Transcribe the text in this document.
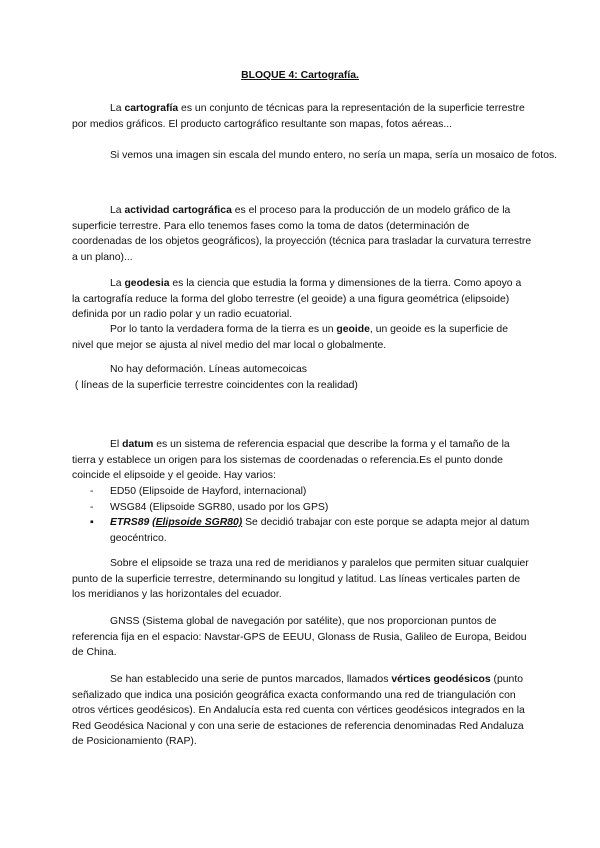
BLOQUE 4: Cartografía.

La cartografía es un conjunto de técnicas para la representación de la superficie terrestre por medios gráficos. El producto cartográfico resultante son mapas, fotos aéreas...

Si vemos una imagen sin escala del mundo entero, no sería un mapa, sería un mosaico de fotos.

La actividad cartográfica es el proceso para la producción de un modelo gráfico de la superficie terrestre. Para ello tenemos fases como la toma de datos (determinación de coordenadas de los objetos geográficos), la proyección (técnica para trasladar la curvatura terrestre a un plano)...

La geodesia es la ciencia que estudia la forma y dimensiones de la tierra. Como apoyo a la cartografía reduce la forma del globo terrestre (el geoide) a una figura geométrica (elipsoide) definida por un radio polar y un radio ecuatorial.

Por lo tanto la verdadera forma de la tierra es un geoide, un geoide es la superficie de nivel que mejor se ajusta al nivel medio del mar local o globalmente.

No hay deformación. Líneas automecoicas
( líneas de la superficie terrestre coincidentes con la realidad)

El datum es un sistema de referencia espacial que describe la forma y el tamaño de la tierra y establece un origen para los sistemas de coordenadas o referencia.Es el punto donde coincide el elipsoide y el geoide. Hay varios:

- ED50 (Elipsoide de Hayford, internacional)
- WSG84 (Elipsoide SGR80, usado por los GPS)
▪ ETRS89 (Elipsoide SGR80) Se decidió trabajar con este porque se adapta mejor al datum geocéntrico.

Sobre el elipsoide se traza una red de meridianos y paralelos que permiten situar cualquier punto de la superficie terrestre, determinando su longitud y latitud. Las líneas verticales parten de los meridianos y las horizontales del ecuador.

GNSS (Sistema global de navegación por satélite), que nos proporcionan puntos de referencia fija en el espacio: Navstar-GPS de EEUU, Glonass de Rusia, Galileo de Europa, Beidou de China.

Se han establecido una serie de puntos marcados, llamados vértices geodésicos (punto señalizado que indica una posición geográfica exacta conformando una red de triangulación con otros vértices geodésicos). En Andalucía esta red cuenta con vértices geodésicos integrados en la Red Geodésica Nacional y con una serie de estaciones de referencia denominadas Red Andaluza de Posicionamiento (RAP).
